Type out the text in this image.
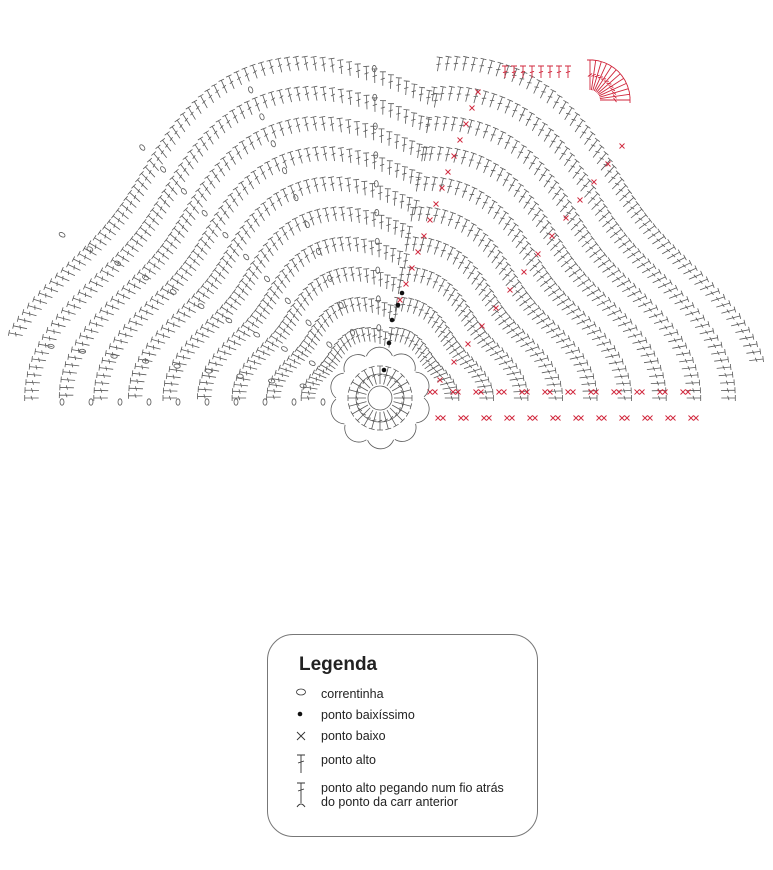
Legenda
correntinha
ponto baixíssimo
ponto baixo
ponto alto
ponto alto pegando num fio atrás
do ponto da carr anterior
